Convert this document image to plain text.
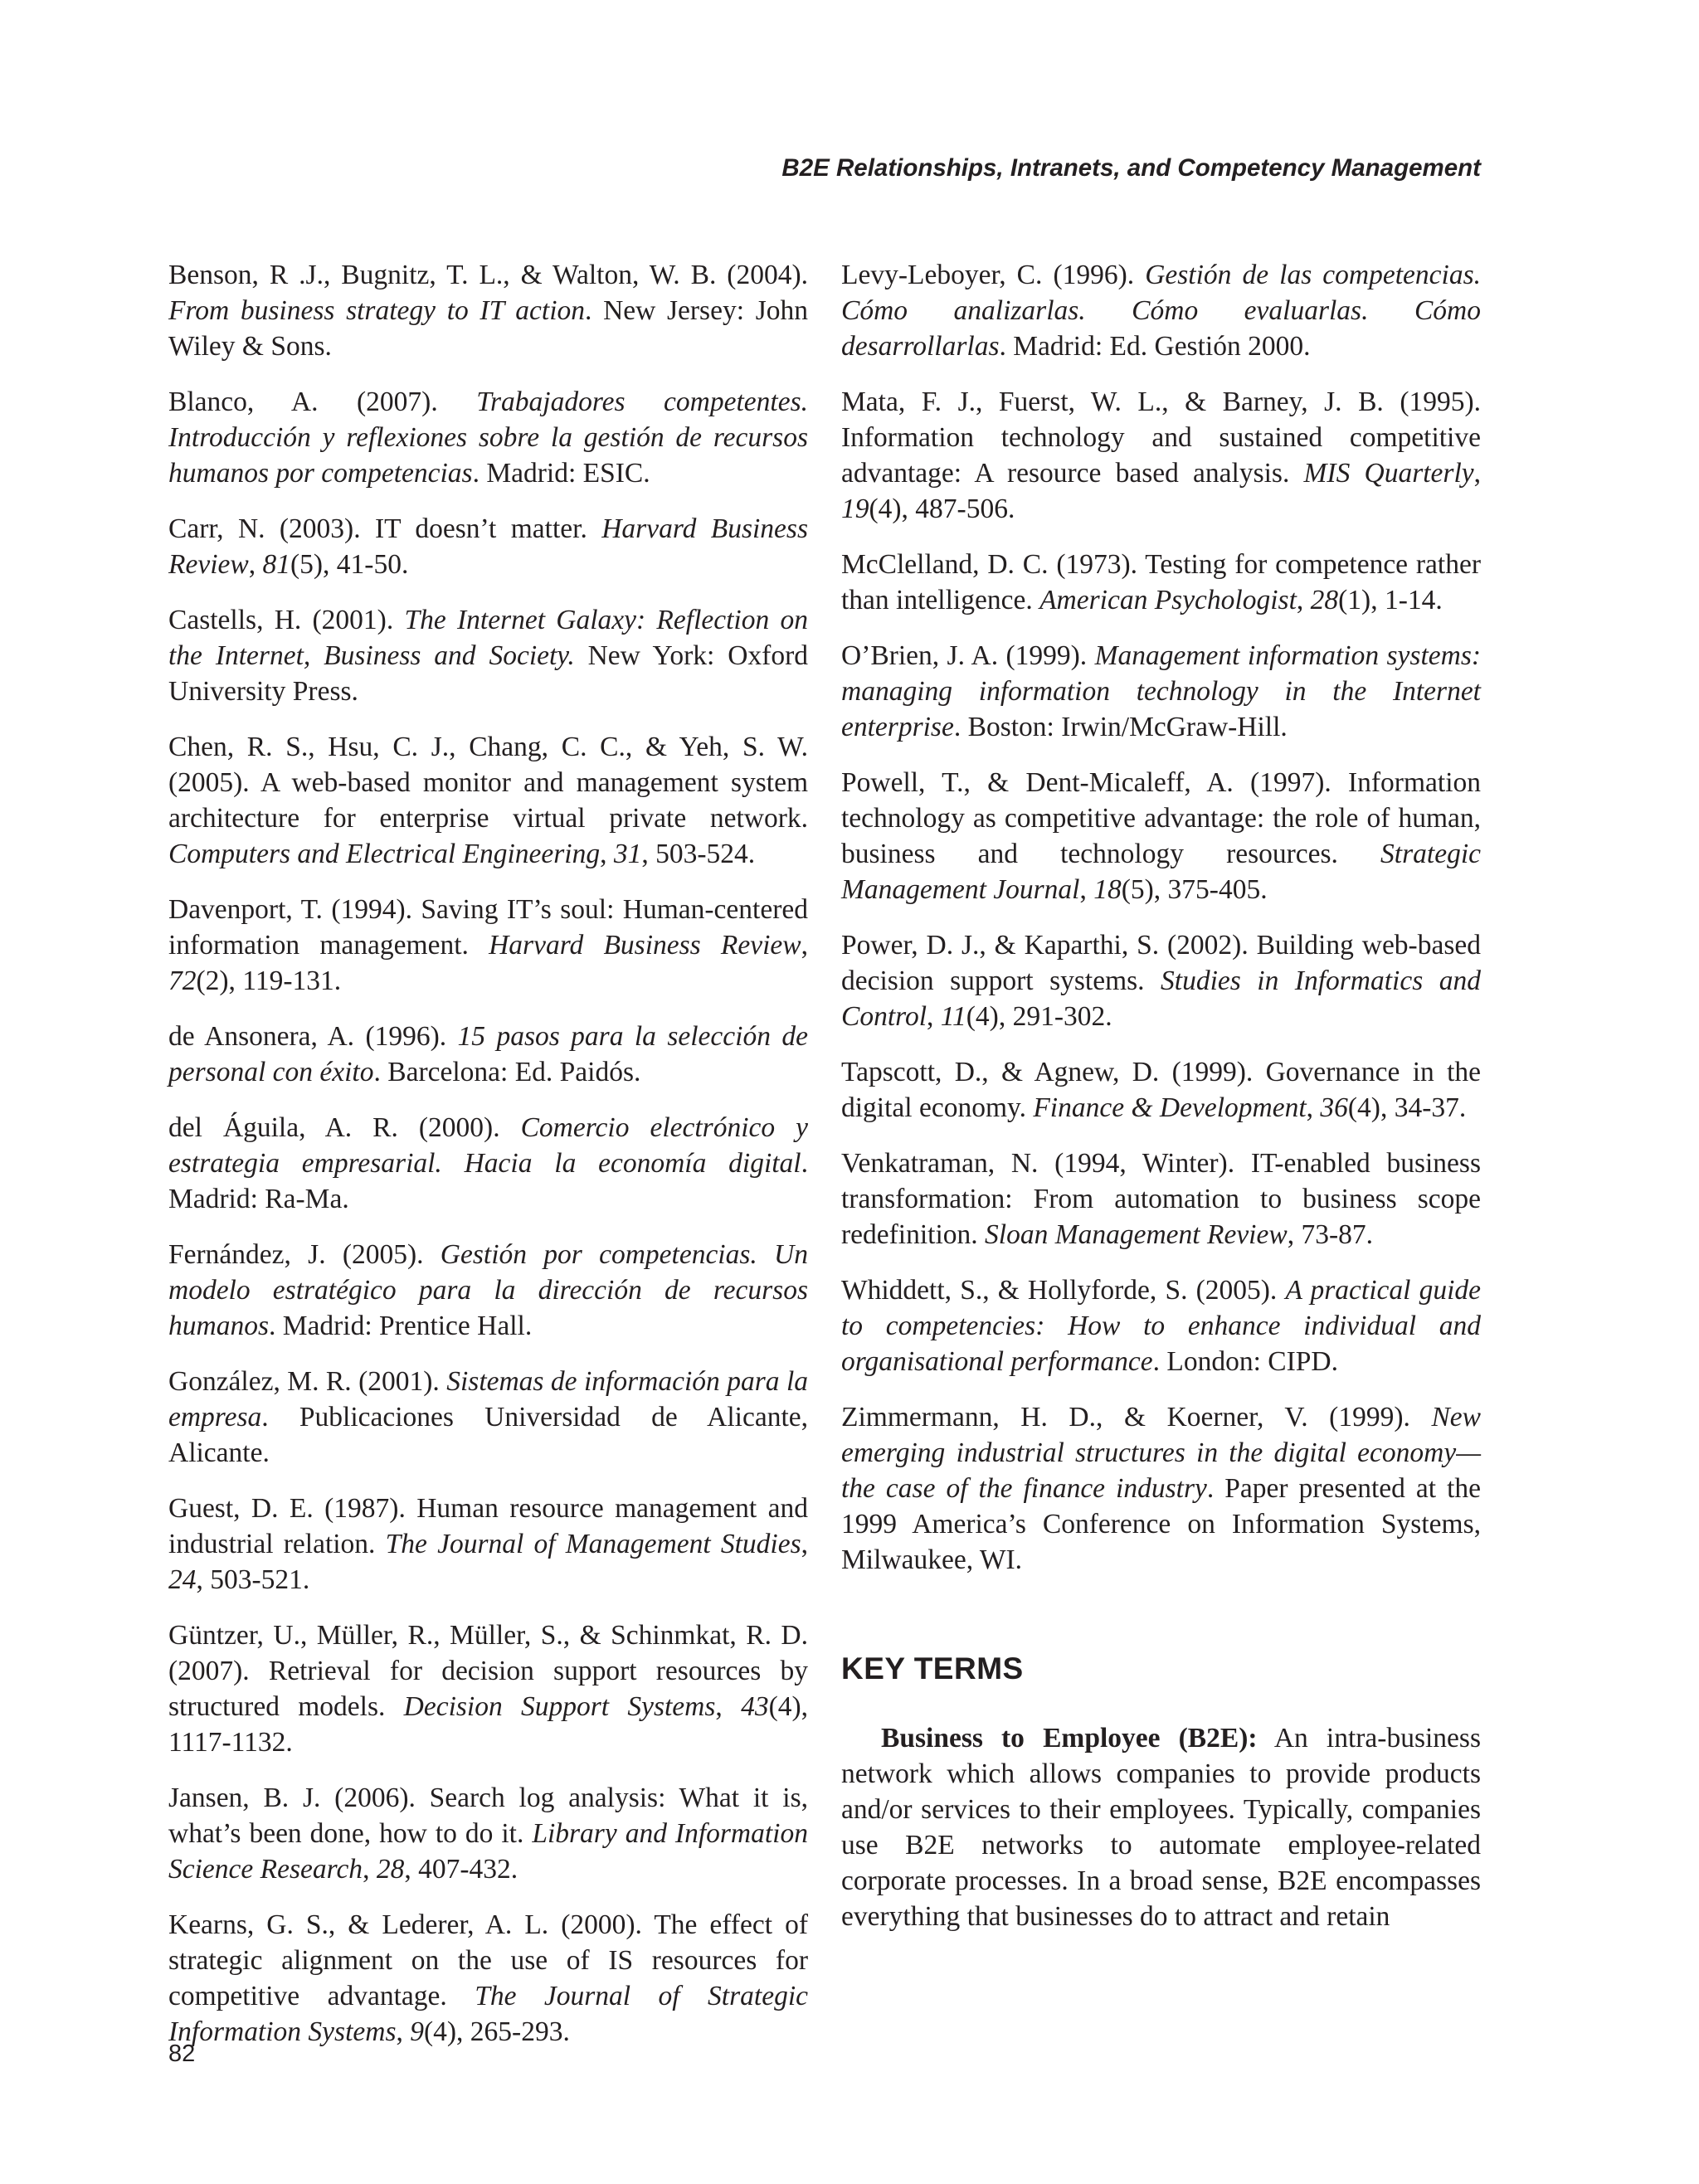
B2E Relationships, Intranets, and Competency Management

Benson, R .J., Bugnitz, T. L., & Walton, W. B. (2004). From business strategy to IT action. New Jersey: John Wiley & Sons.

Blanco, A. (2007). Trabajadores competentes. Introducción y reflexiones sobre la gestión de recursos humanos por competencias. Madrid: ESIC.

Carr, N. (2003). IT doesn’t matter. Harvard Business Review, 81(5), 41-50.

Castells, H. (2001). The Internet Galaxy: Reflection on the Internet, Business and Society. New York: Oxford University Press.

Chen, R. S., Hsu, C. J., Chang, C. C., & Yeh, S. W. (2005). A web-based monitor and management system architecture for enterprise virtual private network. Computers and Electrical Engineering, 31, 503-524.

Davenport, T. (1994). Saving IT’s soul: Human-centered information management. Harvard Business Review, 72(2), 119-131.

de Ansonera, A. (1996). 15 pasos para la selección de personal con éxito. Barcelona: Ed. Paidós.

del Águila, A. R. (2000). Comercio electrónico y estrategia empresarial. Hacia la economía digital. Madrid: Ra-Ma.

Fernández, J. (2005). Gestión por competencias. Un modelo estratégico para la dirección de recursos humanos. Madrid: Prentice Hall.

González, M. R. (2001). Sistemas de información para la empresa. Publicaciones Universidad de Alicante, Alicante.

Guest, D. E. (1987). Human resource management and industrial relation. The Journal of Management Studies, 24, 503-521.

Güntzer, U., Müller, R., Müller, S., & Schinmkat, R. D. (2007). Retrieval for decision support resources by structured models. Decision Support Systems, 43(4), 1117-1132.

Jansen, B. J. (2006). Search log analysis: What it is, what’s been done, how to do it. Library and Information Science Research, 28, 407-432.

Kearns, G. S., & Lederer, A. L. (2000). The effect of strategic alignment on the use of IS resources for competitive advantage. The Journal of Strategic Information Systems, 9(4), 265-293.

Levy-Leboyer, C. (1996). Gestión de las competencias. Cómo analizarlas. Cómo evaluarlas. Cómo desarrollarlas. Madrid: Ed. Gestión 2000.

Mata, F. J., Fuerst, W. L., & Barney, J. B. (1995). Information technology and sustained competitive advantage: A resource based analysis. MIS Quarterly, 19(4), 487-506.

McClelland, D. C. (1973). Testing for competence rather than intelligence. American Psychologist, 28(1), 1-14.

O’Brien, J. A. (1999). Management information systems: managing information technology in the Internet enterprise. Boston: Irwin/McGraw-Hill.

Powell, T., & Dent-Micaleff, A. (1997). Information technology as competitive advantage: the role of human, business and technology resources. Strategic Management Journal, 18(5), 375-405.

Power, D. J., & Kaparthi, S. (2002). Building web-based decision support systems. Studies in Informatics and Control, 11(4), 291-302.

Tapscott, D., & Agnew, D. (1999). Governance in the digital economy. Finance & Development, 36(4), 34-37.

Venkatraman, N. (1994, Winter). IT-enabled business transformation: From automation to business scope redefinition. Sloan Management Review, 73-87.

Whiddett, S., & Hollyforde, S. (2005). A practical guide to competencies: How to enhance individual and organisational performance. London: CIPD.

Zimmermann, H. D., & Koerner, V. (1999). New emerging industrial structures in the digital economy—the case of the finance industry. Paper presented at the 1999 America’s Conference on Information Systems, Milwaukee, WI.

KEY TERMS

Business to Employee (B2E): An intra-business network which allows companies to provide products and/or services to their employees. Typically, companies use B2E networks to automate employee-related corporate processes. In a broad sense, B2E encompasses everything that businesses do to attract and retain

82
